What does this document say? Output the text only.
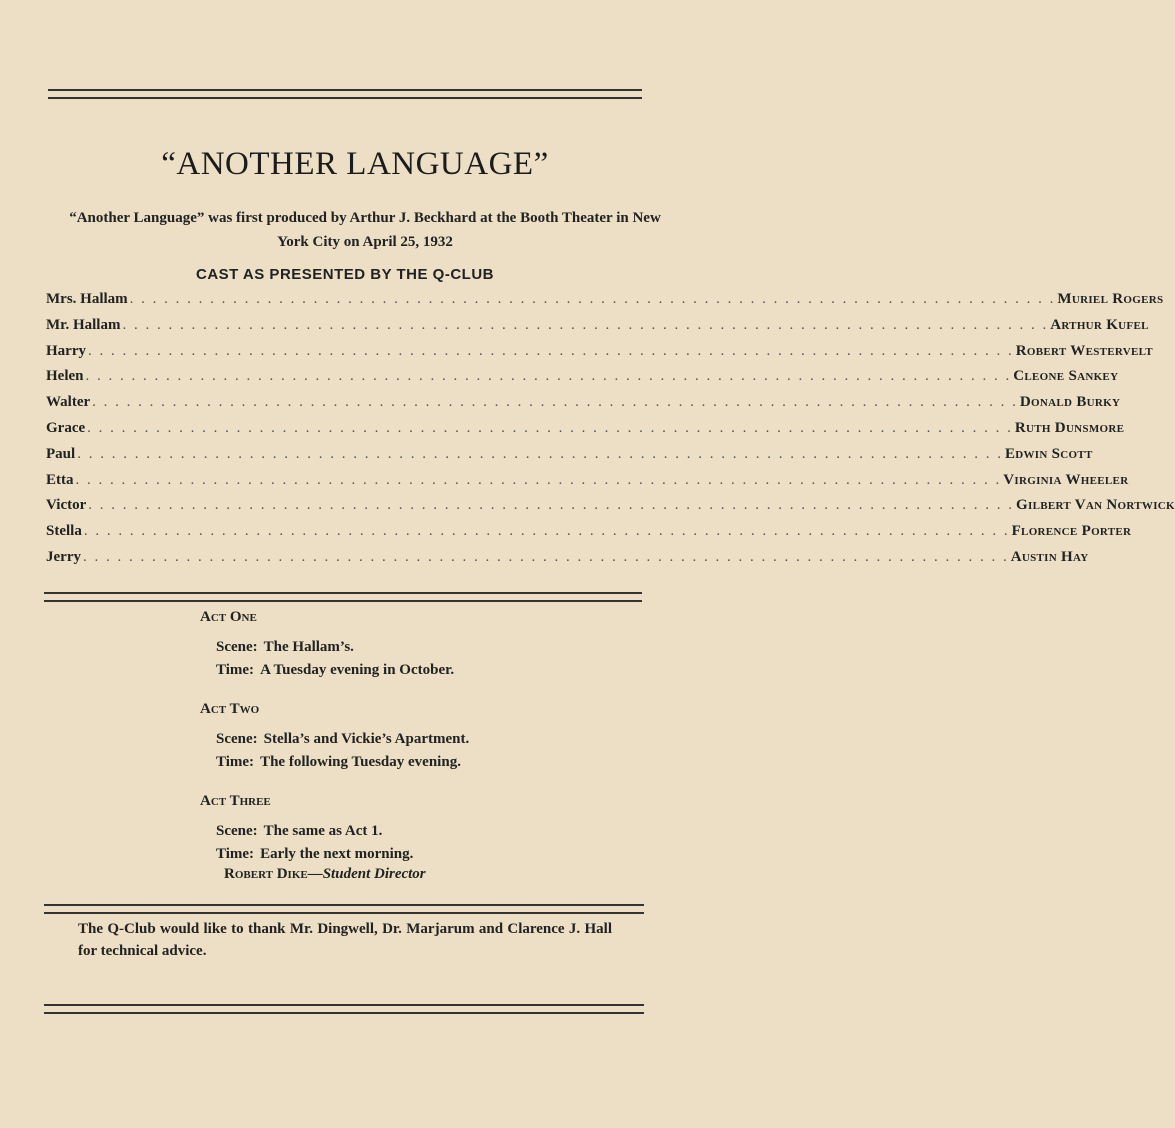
“ANOTHER LANGUAGE”
“Another Language” was first produced by Arthur J. Beckhard at the Booth Theater in New York City on April 25, 1932
CAST AS PRESENTED BY THE Q-CLUB
Mrs. Hallam . . . . . . . . . . . . . . . . . . . . . . . . . . . . . . . . . . . . . . . . . . . . . . . . . . . . . . . . . . . . . . . . . . . . . . . . . . . . . . . . . Muriel Rogers
Mr. Hallam . . . . . . . . . . . . . . . . . . . . . . . . . . . . . . . . . . . . . . . . . . . . . . . . . . . . . . . . . . . . . . . . . . . . . . . . . . . . . . . . . Arthur Kufel
Harry . . . . . . . . . . . . . . . . . . . . . . . . . . . . . . . . . . . . . . . . . . . . . . . . . . . . . . . . . . . . . . . . . . . . . . . . . . . . . . . . . Robert Westervelt
Helen . . . . . . . . . . . . . . . . . . . . . . . . . . . . . . . . . . . . . . . . . . . . . . . . . . . . . . . . . . . . . . . . . . . . . . . . . . . . . . . . . Cleone Sankey
Walter . . . . . . . . . . . . . . . . . . . . . . . . . . . . . . . . . . . . . . . . . . . . . . . . . . . . . . . . . . . . . . . . . . . . . . . . . . . . . . . . . Donald Burky
Grace . . . . . . . . . . . . . . . . . . . . . . . . . . . . . . . . . . . . . . . . . . . . . . . . . . . . . . . . . . . . . . . . . . . . . . . . . . . . . . . . . Ruth Dunsmore
Paul . . . . . . . . . . . . . . . . . . . . . . . . . . . . . . . . . . . . . . . . . . . . . . . . . . . . . . . . . . . . . . . . . . . . . . . . . . . . . . . . . Edwin Scott
Etta . . . . . . . . . . . . . . . . . . . . . . . . . . . . . . . . . . . . . . . . . . . . . . . . . . . . . . . . . . . . . . . . . . . . . . . . . . . . . . . . . Virginia Wheeler
Victor . . . . . . . . . . . . . . . . . . . . . . . . . . . . . . . . . . . . . . . . . . . . . . . . . . . . . . . . . . . . . . . . . . . . . . . . . . . . . . . . . Gilbert Van Nortwick
Stella . . . . . . . . . . . . . . . . . . . . . . . . . . . . . . . . . . . . . . . . . . . . . . . . . . . . . . . . . . . . . . . . . . . . . . . . . . . . . . . . . Florence Porter
Jerry . . . . . . . . . . . . . . . . . . . . . . . . . . . . . . . . . . . . . . . . . . . . . . . . . . . . . . . . . . . . . . . . . . . . . . . . . . . . . . . . . Austin Hay
Act One
Scene: The Hallam’s.
Time: A Tuesday evening in October.
Act Two
Scene: Stella’s and Vickie’s Apartment.
Time: The following Tuesday evening.
Act Three
Scene: The same as Act 1.
Time: Early the next morning.
Robert Dike—Student Director
The Q-Club would like to thank Mr. Dingwell, Dr. Marjarum and Clarence J. Hall for technical advice.
